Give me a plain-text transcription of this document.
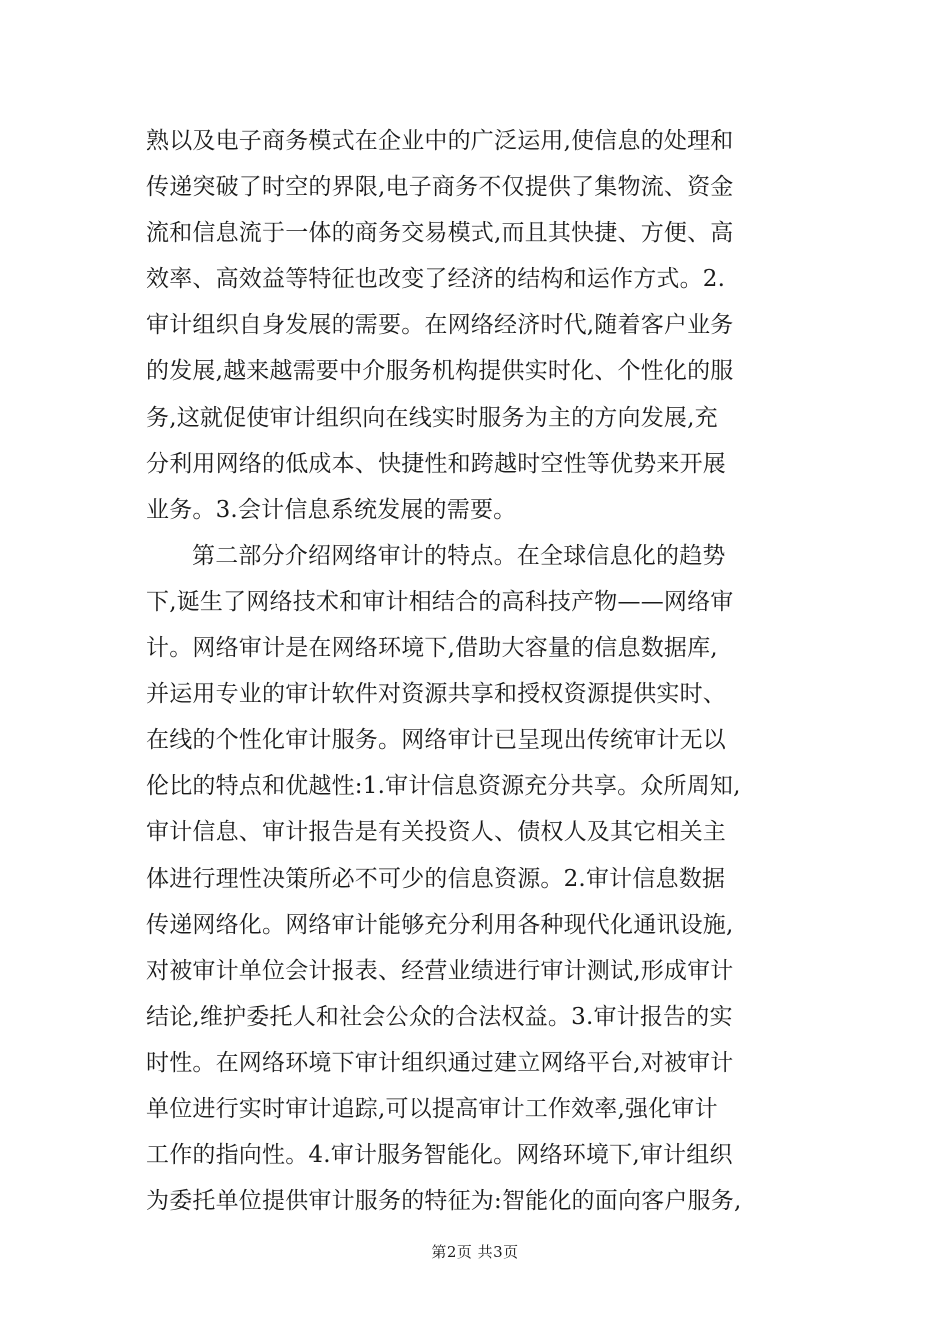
熟以及电子商务模式在企业中的广泛运用,使信息的处理和
传递突破了时空的界限,电子商务不仅提供了集物流、资金
流和信息流于一体的商务交易模式,而且其快捷、方便、高
效率、高效益等特征也改变了经济的结构和运作方式。2.
审计组织自身发展的需要。在网络经济时代,随着客户业务
的发展,越来越需要中介服务机构提供实时化、个性化的服
务,这就促使审计组织向在线实时服务为主的方向发展,充
分利用网络的低成本、快捷性和跨越时空性等优势来开展
业务。3.会计信息系统发展的需要。
第二部分介绍网络审计的特点。在全球信息化的趋势
下,诞生了网络技术和审计相结合的高科技产物——网络审
计。网络审计是在网络环境下,借助大容量的信息数据库,
并运用专业的审计软件对资源共享和授权资源提供实时、
在线的个性化审计服务。网络审计已呈现出传统审计无以
伦比的特点和优越性:1.审计信息资源充分共享。众所周知,
审计信息、审计报告是有关投资人、债权人及其它相关主
体进行理性决策所必不可少的信息资源。2.审计信息数据
传递网络化。网络审计能够充分利用各种现代化通讯设施,
对被审计单位会计报表、经营业绩进行审计测试,形成审计
结论,维护委托人和社会公众的合法权益。3.审计报告的实
时性。在网络环境下审计组织通过建立网络平台,对被审计
单位进行实时审计追踪,可以提高审计工作效率,强化审计
工作的指向性。4.审计服务智能化。网络环境下,审计组织
为委托单位提供审计服务的特征为:智能化的面向客户服务,
第2页 共3页
